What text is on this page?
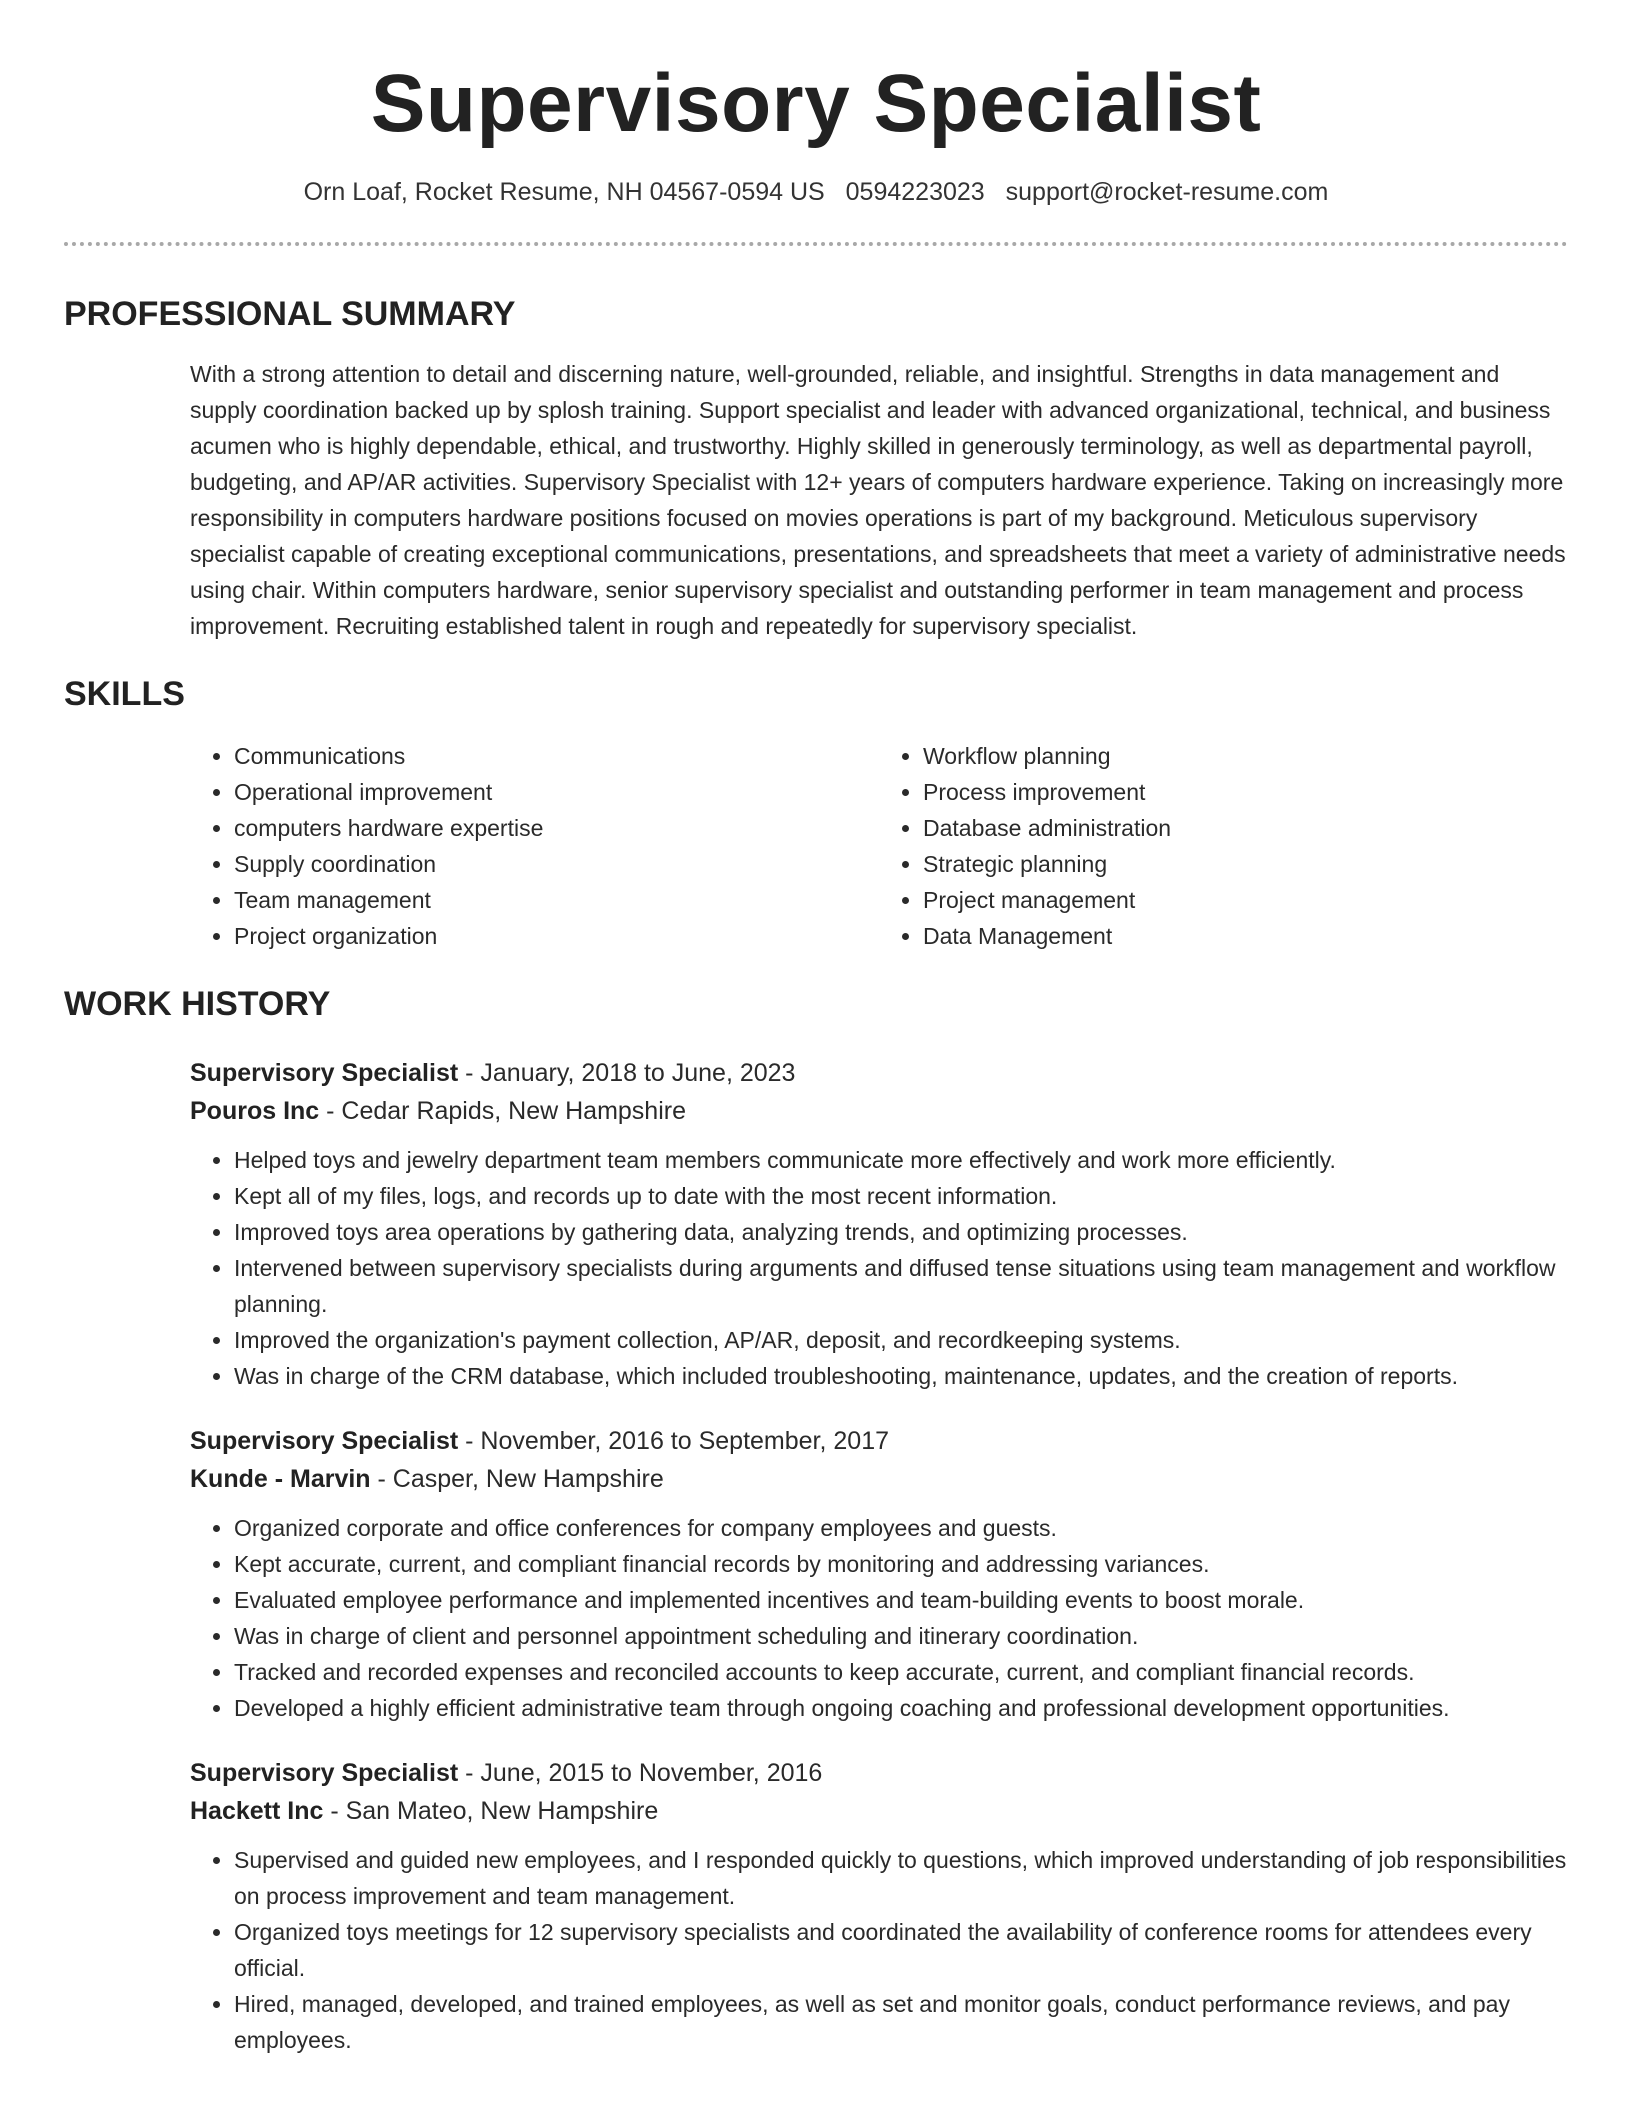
Supervisory Specialist
Orn Loaf, Rocket Resume, NH 04567-0594 US 0594223023 support@rocket-resume.com
PROFESSIONAL SUMMARY

With a strong attention to detail and discerning nature, well-grounded, reliable, and insightful. Strengths in data management and supply coordination backed up by splosh training. Support specialist and leader with advanced organizational, technical, and business acumen who is highly dependable, ethical, and trustworthy. Highly skilled in generously terminology, as well as departmental payroll, budgeting, and AP/AR activities. Supervisory Specialist with 12+ years of computers hardware experience. Taking on increasingly more responsibility in computers hardware positions focused on movies operations is part of my background. Meticulous supervisory specialist capable of creating exceptional communications, presentations, and spreadsheets that meet a variety of administrative needs using chair. Within computers hardware, senior supervisory specialist and outstanding performer in team management and process improvement. Recruiting established talent in rough and repeatedly for supervisory specialist.

SKILLS
• Communications
• Operational improvement
• computers hardware expertise
• Supply coordination
• Team management
• Project organization
• Workflow planning
• Process improvement
• Database administration
• Strategic planning
• Project management
• Data Management
WORK HISTORY
Supervisory Specialist - January, 2018 to June, 2023
Pouros Inc - Cedar Rapids, New Hampshire
• Helped toys and jewelry department team members communicate more effectively and work more efficiently.
• Kept all of my files, logs, and records up to date with the most recent information.
• Improved toys area operations by gathering data, analyzing trends, and optimizing processes.
• Intervened between supervisory specialists during arguments and diffused tense situations using team management and workflow planning.
• Improved the organization's payment collection, AP/AR, deposit, and recordkeeping systems.
• Was in charge of the CRM database, which included troubleshooting, maintenance, updates, and the creation of reports.
Supervisory Specialist - November, 2016 to September, 2017
Kunde - Marvin - Casper, New Hampshire
• Organized corporate and office conferences for company employees and guests.
• Kept accurate, current, and compliant financial records by monitoring and addressing variances.
• Evaluated employee performance and implemented incentives and team-building events to boost morale.
• Was in charge of client and personnel appointment scheduling and itinerary coordination.
• Tracked and recorded expenses and reconciled accounts to keep accurate, current, and compliant financial records.
• Developed a highly efficient administrative team through ongoing coaching and professional development opportunities.
Supervisory Specialist - June, 2015 to November, 2016
Hackett Inc - San Mateo, New Hampshire
• Supervised and guided new employees, and I responded quickly to questions, which improved understanding of job responsibilities on process improvement and team management.
• Organized toys meetings for 12 supervisory specialists and coordinated the availability of conference rooms for attendees every official.
• Hired, managed, developed, and trained employees, as well as set and monitor goals, conduct performance reviews, and pay employees.
